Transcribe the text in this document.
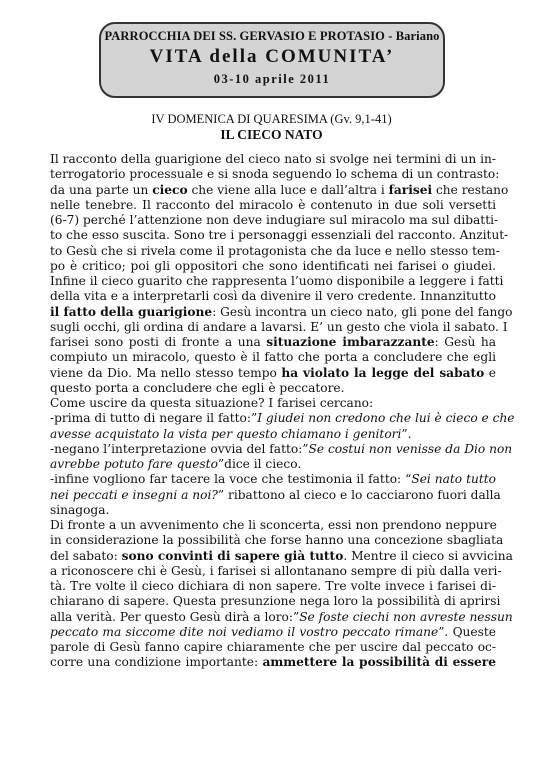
PARROCCHIA DEI SS. GERVASIO E PROTASIO - Bariano
VITA della COMUNITA’
03-10 aprile 2011
IV DOMENICA DI QUARESIMA (Gv. 9,1-41)
IL CIECO NATO
Il racconto della guarigione del cieco nato si svolge nei termini di un in-
terrogatorio processuale e si snoda seguendo lo schema di un contrasto:
da una parte un cieco che viene alla luce e dall’altra i farisei che restano
nelle tenebre. Il racconto del miracolo è contenuto in due soli versetti
(6-7) perché l’attenzione non deve indugiare sul miracolo ma sul dibatti-
to che esso suscita. Sono tre i personaggi essenziali del racconto. Anzitut-
to Gesù che si rivela come il protagonista che da luce e nello stesso tem-
po è critico; poi gli oppositori che sono identificati nei farisei o giudei.
Infine il cieco guarito che rappresenta l’uomo disponibile a leggere i fatti
della vita e a interpretarli così da divenire il vero credente. Innanzitutto
il fatto della guarigione: Gesù incontra un cieco nato, gli pone del fango
sugli occhi, gli ordina di andare a lavarsi. E’ un gesto che viola il sabato. I
farisei sono posti di fronte a una situazione imbarazzante: Gesù ha
compiuto un miracolo, questo è il fatto che porta a concludere che egli
viene da Dio. Ma nello stesso tempo ha violato la legge del sabato e
questo porta a concludere che egli è peccatore.
Come uscire da questa situazione? I farisei cercano:
-prima di tutto di negare il fatto:”I giudei non credono che lui è cieco e che
avesse acquistato la vista per questo chiamano i genitori”.
-negano l’interpretazione ovvia del fatto:”Se costui non venisse da Dio non
avrebbe potuto fare questo”dice il cieco.
-infine vogliono far tacere la voce che testimonia il fatto: “Sei nato tutto
nei peccati e insegni a noi?” ribattono al cieco e lo cacciarono fuori dalla
sinagoga.
Di fronte a un avvenimento che li sconcerta, essi non prendono neppure
in considerazione la possibilità che forse hanno una concezione sbagliata
del sabato: sono convinti di sapere già tutto. Mentre il cieco si avvicina
a riconoscere chi è Gesù, i farisei si allontanano sempre di più dalla veri-
tà. Tre volte il cieco dichiara di non sapere. Tre volte invece i farisei di-
chiarano di sapere. Questa presunzione nega loro la possibilità di aprirsi
alla verità. Per questo Gesù dirà a loro:”Se foste ciechi non avreste nessun
peccato ma siccome dite noi vediamo il vostro peccato rimane”. Queste
parole di Gesù fanno capire chiaramente che per uscire dal peccato oc-
corre una condizione importante: ammettere la possibilità di essere
